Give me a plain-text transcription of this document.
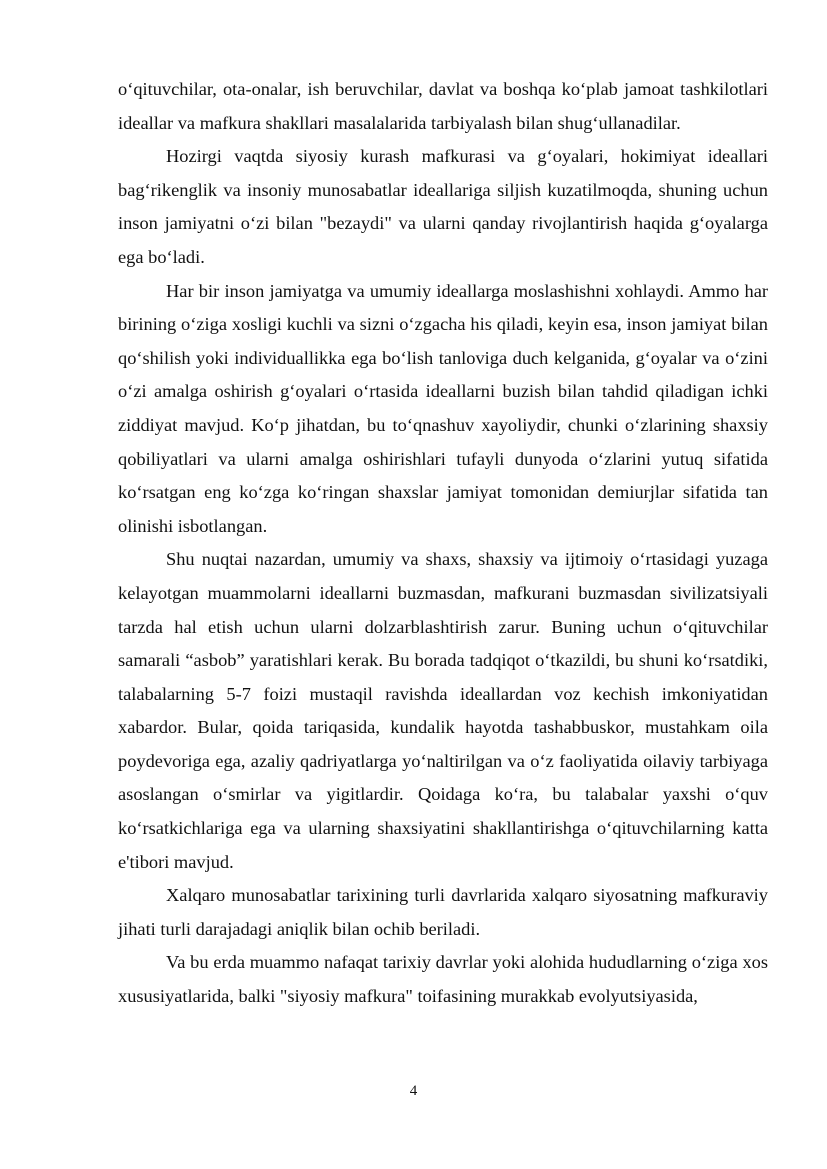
o‘qituvchilar, ota-onalar, ish beruvchilar, davlat va boshqa ko‘plab jamoat tashkilotlari ideallar va mafkura shakllari masalalarida tarbiyalash bilan shug‘ullanadilar.

Hozirgi vaqtda siyosiy kurash mafkurasi va g‘oyalari, hokimiyat ideallari bag‘rikenglik va insoniy munosabatlar ideallariga siljish kuzatilmoqda, shuning uchun inson jamiyatni o‘zi bilan "bezaydi" va ularni qanday rivojlantirish haqida g‘oyalarga ega bo‘ladi.

Har bir inson jamiyatga va umumiy ideallarga moslashishni xohlaydi. Ammo har birining o‘ziga xosligi kuchli va sizni o‘zgacha his qiladi, keyin esa, inson jamiyat bilan qo‘shilish yoki individuallikka ega bo‘lish tanloviga duch kelganida, g‘oyalar va o‘zini o‘zi amalga oshirish g‘oyalari o‘rtasida ideallarni buzish bilan tahdid qiladigan ichki ziddiyat mavjud. Ko‘p jihatdan, bu to‘qnashuv xayoliydir, chunki o‘zlarining shaxsiy qobiliyatlari va ularni amalga oshirishlari tufayli dunyoda o‘zlarini yutuq sifatida ko‘rsatgan eng ko‘zga ko‘ringan shaxslar jamiyat tomonidan demiurjlar sifatida tan olinishi isbotlangan.

Shu nuqtai nazardan, umumiy va shaxs, shaxsiy va ijtimoiy o‘rtasidagi yuzaga kelayotgan muammolarni ideallarni buzmasdan, mafkurani buzmasdan sivilizatsiyali tarzda hal etish uchun ularni dolzarblashtirish zarur. Buning uchun o‘qituvchilar samarali “asbob” yaratishlari kerak. Bu borada tadqiqot o‘tkazildi, bu shuni ko‘rsatdiki, talabalarning 5-7 foizi mustaqil ravishda ideallardan voz kechish imkoniyatidan xabardor. Bular, qoida tariqasida, kundalik hayotda tashabbuskor, mustahkam oila poydevoriga ega, azaliy qadriyatlarga yo‘naltirilgan va o‘z faoliyatida oilaviy tarbiyaga asoslangan o‘smirlar va yigitlardir. Qoidaga ko‘ra, bu talabalar yaxshi o‘quv ko‘rsatkichlariga ega va ularning shaxsiyatini shakllantirishga o‘qituvchilarning katta e'tibori mavjud.

Xalqaro munosabatlar tarixining turli davrlarida xalqaro siyosatning mafkuraviy jihati turli darajadagi aniqlik bilan ochib beriladi.

Va bu erda muammo nafaqat tarixiy davrlar yoki alohida hududlarning o‘ziga xos xususiyatlarida, balki "siyosiy mafkura" toifasining murakkab evolyutsiyasida,

4
